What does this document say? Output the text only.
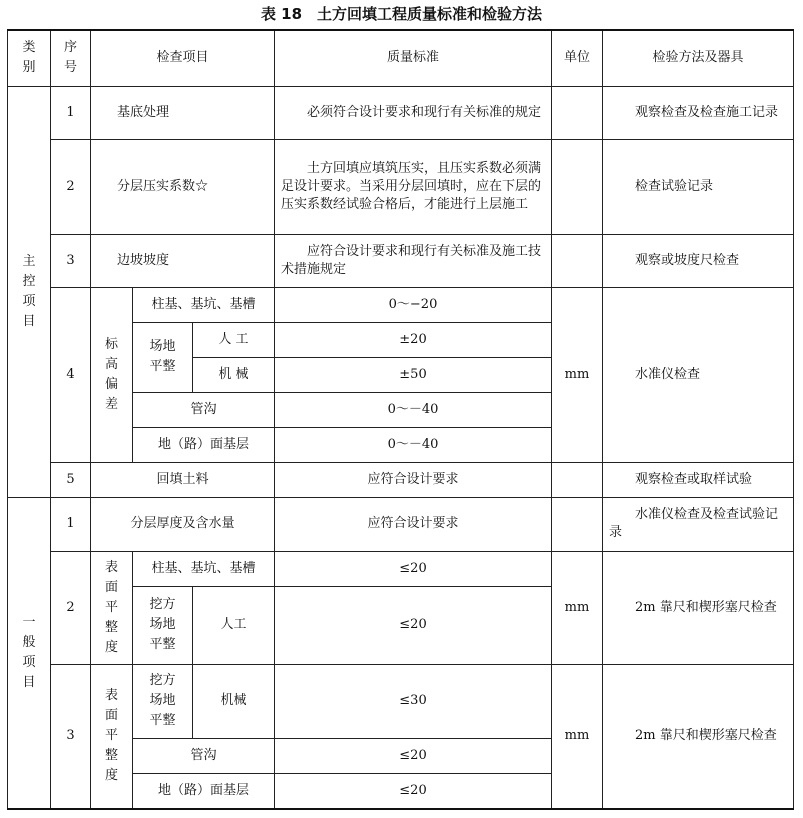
表 18　土方回填工程质量标准和检验方法
类别	序号	检查项目			质量标准	单位	检验方法及器具
主控项目	1	基底处理			必须符合设计要求和现行有关标准的规定		观察检查及检查施工记录
	2	分层压实系数☆			土方回填应填筑压实，且压实系数必须满足设计要求。当采用分层回填时，应在下层的压实系数经试验合格后，才能进行上层施工		检查试验记录
	3	边坡坡度			应符合设计要求和现行有关标准及施工技术措施规定		观察或坡度尺检查
	4	标高偏差	柱基、基坑、基槽		0～−20	mm	水准仪检查
			场地平整	人 工	±20		
				机 械	±50		
			管沟		0～－40		
			地（路）面基层		0～－40		
	5	回填土料			应符合设计要求		观察检查或取样试验
一般项目	1	分层厚度及含水量			应符合设计要求		水准仪检查及检查试验记录
	2	表面平整度	柱基、基坑、基槽		≤20	mm	2m 靠尺和楔形塞尺检查
			挖方场地平整	人工	≤20		
	3	表面平整度	挖方场地平整	机械	≤30	mm	2m 靠尺和楔形塞尺检查
			管沟		≤20		
			地（路）面基层		≤20		
